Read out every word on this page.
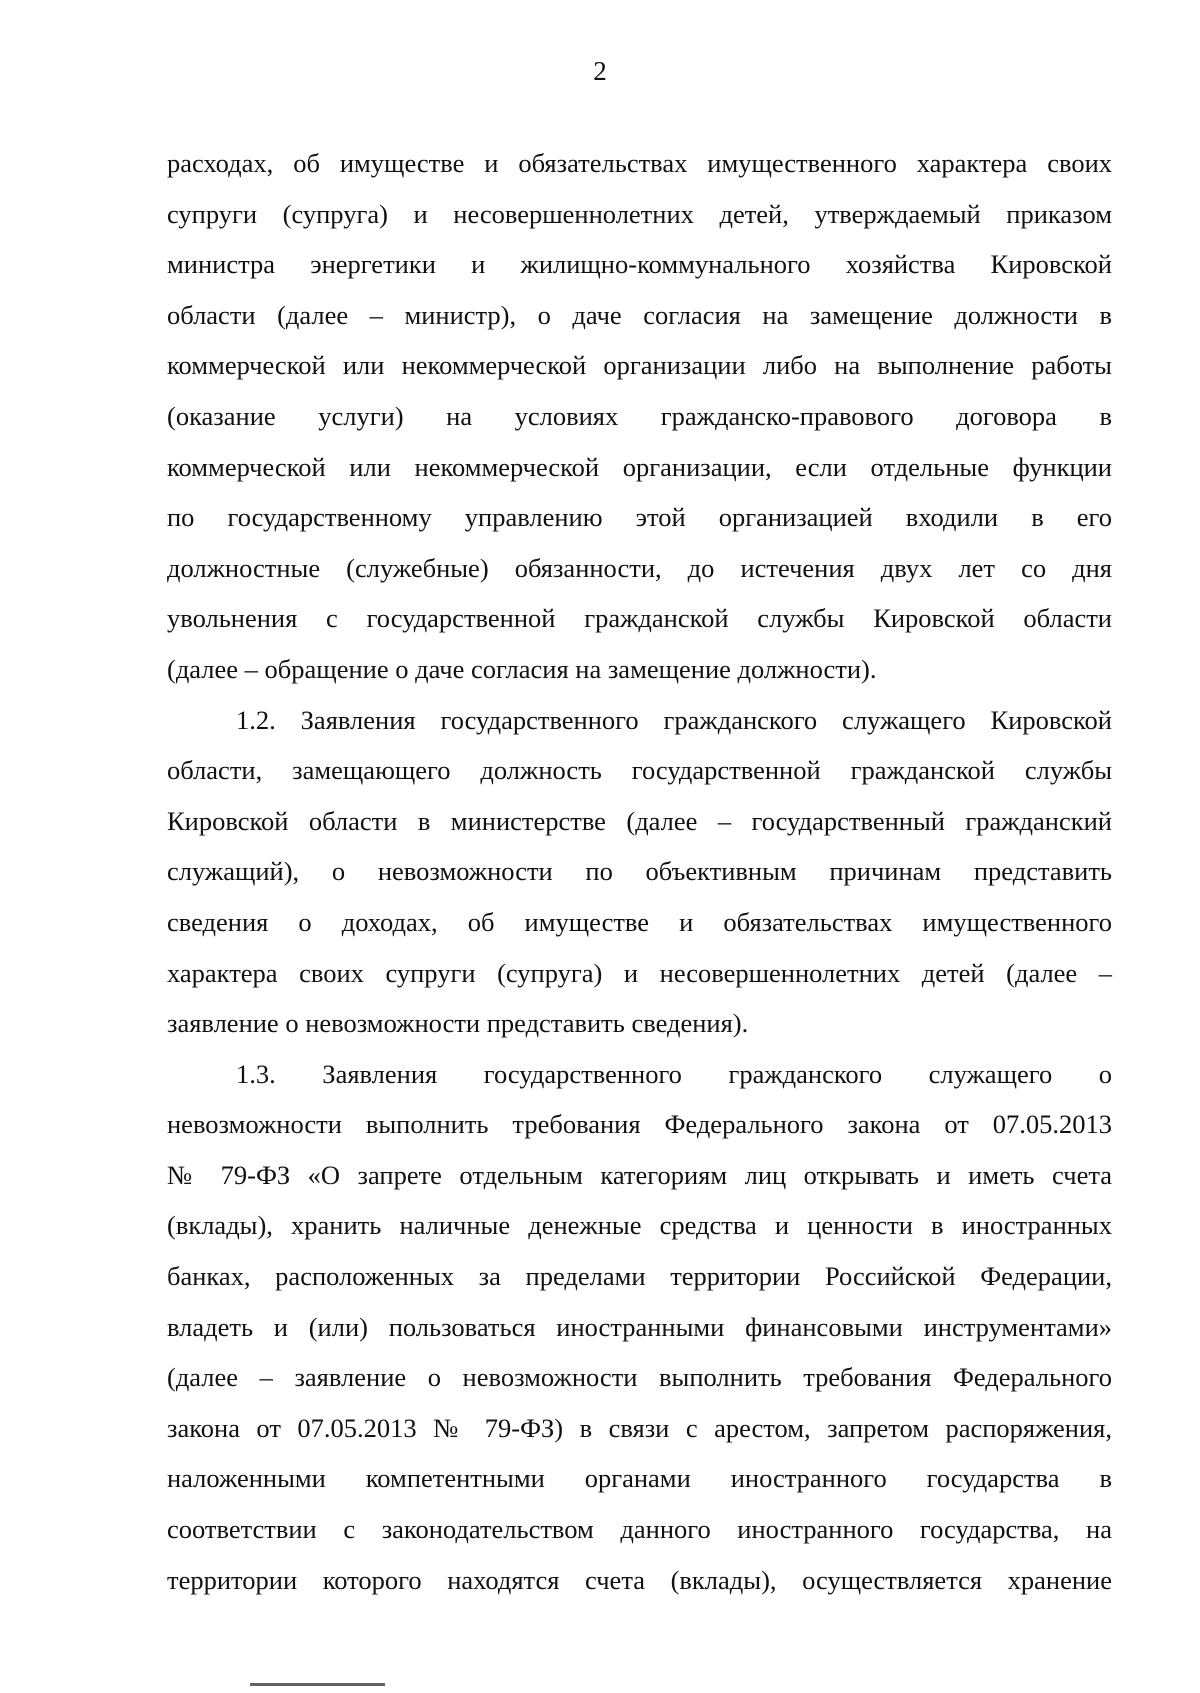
2
расходах, об имуществе и обязательствах имущественного характера своих
супруги (супруга) и несовершеннолетних детей, утверждаемый приказом
министра энергетики и жилищно-коммунального хозяйства Кировской
области (далее – министр), о даче согласия на замещение должности в
коммерческой или некоммерческой организации либо на выполнение работы
(оказание услуги) на условиях гражданско-правового договора в
коммерческой или некоммерческой организации, если отдельные функции
по государственному управлению этой организацией входили в его
должностные (служебные) обязанности, до истечения двух лет со дня
увольнения с государственной гражданской службы Кировской области
(далее – обращение о даче согласия на замещение должности).
1.2. Заявления государственного гражданского служащего Кировской
области, замещающего должность государственной гражданской службы
Кировской области в министерстве (далее – государственный гражданский
служащий), о невозможности по объективным причинам представить
сведения о доходах, об имуществе и обязательствах имущественного
характера своих супруги (супруга) и несовершеннолетних детей (далее –
заявление о невозможности представить сведения).
1.3. Заявления государственного гражданского служащего о
невозможности выполнить требования Федерального закона от 07.05.2013
№ 79-ФЗ «О запрете отдельным категориям лиц открывать и иметь счета
(вклады), хранить наличные денежные средства и ценности в иностранных
банках, расположенных за пределами территории Российской Федерации,
владеть и (или) пользоваться иностранными финансовыми инструментами»
(далее – заявление о невозможности выполнить требования Федерального
закона от 07.05.2013 № 79-ФЗ) в связи с арестом, запретом распоряжения,
наложенными компетентными органами иностранного государства в
соответствии с законодательством данного иностранного государства, на
территории которого находятся счета (вклады), осуществляется хранение
